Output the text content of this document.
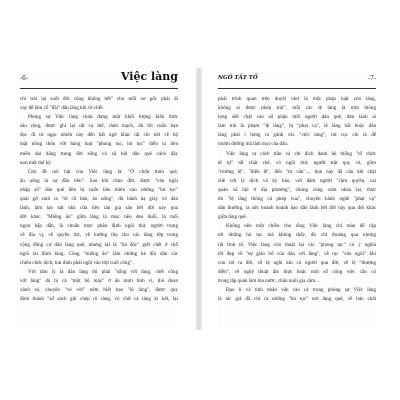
-6-	Việc làng
chí trái lại suốt đời cũng không hết" cho mỗi nơ gốc phải đi
vay để làm cỗ "đãi" dân làng khi về chết.
Phóng sự Việc làng chứa đựng một khối lượng kiến thức
sâu rộng, được ghi lại rất cụ thể, rành mạch, đủ lời cuốn bạn
đọc đi từ ngạc nhiên này đến bất ngờ khác rất chi tiết về bộ
mặt nông thôn với hàng loạt "phong tục, hủ tục" diễn ra liên
miên dai dẳng trong đời sống và xã hội dân quê cách đây
non một thế kỷ.
Chú đề nói bật của Việc làng là: "Ở chốn thôn quê,
ăn uống là sự đầu tiên". Sau khi chào đời, được "vào ngôi
nhập sổ" đàn quê liền bị cuốn liên miên vào những "hủ tục"
quái gở sinh ra "từ cỗ bàn, ăn uống", đủ hành hạ giày vò dân
lành, làm tan nát nhà cửa tiêu tán gia sản hết đời này qua
đời khác. "Miếng ăn" giữa làng là mục tiêu đeo đuổi, là mối
ngọn hấp dẫn, là chuẩn mực phân định ngôi thứ, người trọng
về địa vị, về quyền lực, về hướng thụ cho các tầng lớp trong
cộng đồng cư dân làng quê, nhưng lại là "bả độc" giết chết ở chỗ
ngôi tài đình làng. Cũng "miếng ăn" làm những kẻ đồi dân các
chiêu chức dịch, trai đinh phải ngồi vào lớp cuối công".
Với tâm lý là dân làng thì phải "sống với làng, chết cũng
với làng" dù bị cả "một bộ máy" ở ăn mưu tính vì, thù đoan
xảnh sỏ, chuyên "vé vời" nêm biết bao "lệ làng", được quy
định thành "số sách ghi chép rõ ràng, có chữ cả làng kí kết, lại
NGÔ TẤT TỐ	-7-
phải trình quan trên duyệt như là một pháp luật của làng,
không ai được phép trái", mỗi các lệ làng là một thòng
lọng siết chặt vào số phận mỗi người dân quê, dân lành ai
làm trái là phạm "lệ làng", bị "phạt vạ", lệ làng bắt buộc dân
làng phải l hơng ra gánh vác "việc làng", rút cục chỉ là để
mượn đường mà làm mọi của dân.
Việc làng ra cách trần và chỉ đích danh hệ thống "tổ chức
tế tự" rất chặt chẽ, có ngôi thứ, người trật quy củ, gồm
"trưởng lệ", "điển lề", đến "tư văn"..., bọn này đã câu kết chặt
chẽ với lý dịch và kỳ hào, với đám người "cầm quyền, cai
quản xã hội ở địa phương", chúng cùng xúm nhau lại, thực
thi "lệ làng thông cả phép vua", chuyên hành nghề "phạt vạ"
dân thường, ra sức hoành hoành bạo dân lành hết đời này qua đời khác
giữa làng quê.
Không nên một chiều cho rằng Việc làng chỉ toàn để cập
tới những hủ tục mà không thấy, đủ chỉ thoáng qua nhưng
rất tinh tế, Việc làng còn thuật lại các "phong tục" có ý nghĩa
tốt đẹp về "sự giáo bổ của dân với làng", về tục "vào ngôi" khi
con trẻ ra đời, về lệ nghỉ khi có người qua đời, về lệ "thượng
điền", về nghệ thuật ẩm thực hoặc một số công việc cần có
trong tập quán làm lúa nước, chăn nuôi gia cầm...
Đạo lí và tính nhân văn cao cả trong phóng sự Việc làng
là tác giả đã chỉ ra những "hủ tục" nơi làng quê, về bản chất
